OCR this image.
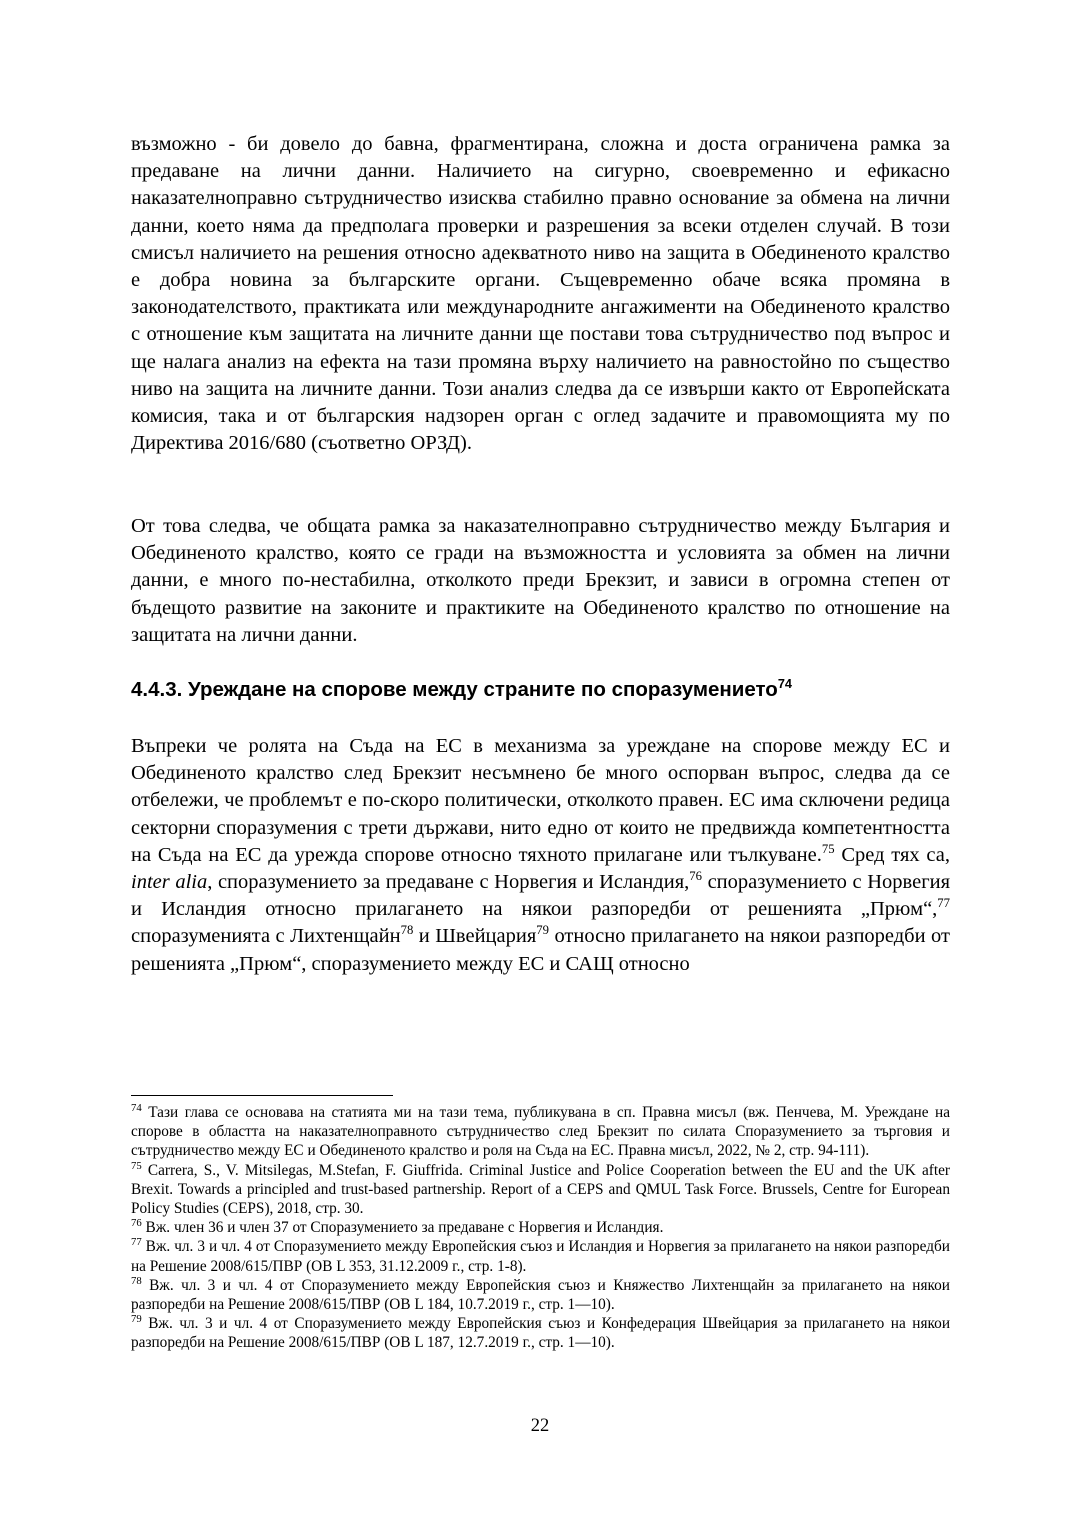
възможно - би довело до бавна, фрагментирана, сложна и доста ограничена рамка за предаване на лични данни. Наличието на сигурно, своевременно и ефикасно наказателноправно сътрудничество изисква стабилно правно основание за обмена на лични данни, което няма да предполага проверки и разрешения за всеки отделен случай. В този смисъл наличието на решения относно адекватното ниво на защита в Обединеното кралство е добра новина за българските органи. Същевременно обаче всяка промяна в законодателството, практиката или международните ангажименти на Обединеното кралство с отношение към защитата на личните данни ще постави това сътрудничество под въпрос и ще налага анализ на ефекта на тази промяна върху наличието на равностойно по същество ниво на защита на личните данни. Този анализ следва да се извърши както от Европейската комисия, така и от българския надзорен орган с оглед задачите и правомощията му по Директива 2016/680 (съответно ОРЗД).

От това следва, че общата рамка за наказателноправно сътрудничество между България и Обединеното кралство, която се гради на възможността и условията за обмен на лични данни, е много по-нестабилна, отколкото преди Брекзит, и зависи в огромна степен от бъдещото развитие на законите и практиките на Обединеното кралство по отношение на защитата на лични данни.

4.4.3. Уреждане на спорове между страните по споразумението$^{74}$

Въпреки че ролята на Съда на ЕС в механизма за уреждане на спорове между ЕС и Обединеното кралство след Брекзит несъмнено бе много оспорван въпрос, следва да се отбележи, че проблемът е по-скоро политически, отколкото правен. ЕС има сключени редица секторни споразумения с трети държави, нито едно от които не предвижда компетентността на Съда на ЕС да урежда спорове относно тяхното прилагане или тълкуване.$^{75}$ Сред тях са, inter alia, споразумението за предаване с Норвегия и Исландия,$^{76}$ споразумението с Норвегия и Исландия относно прилагането на някои разпоредби от решенията „Прюм“,$^{77}$ споразуменията с Лихтенщайн$^{78}$ и Швейцария$^{79}$ относно прилагането на някои разпоредби от решенията „Прюм“, споразумението между ЕС и САЩ относно

$^{74}$ Тази глава се основава на статията ми на тази тема, публикувана в сп. Правна мисъл (вж. Пенчева, М. Уреждане на спорове в областта на наказателноправното сътрудничество след Брекзит по силата Споразумението за търговия и сътрудничество между ЕС и Обединеното кралство и роля на Съда на ЕС. Правна мисъл, 2022, № 2, стр. 94-111).

$^{75}$ Carrera, S., V. Mitsilegas, M.Stefan, F. Giuffrida. Criminal Justice and Police Cooperation between the EU and the UK after Brexit. Towards a principled and trust-based partnership. Report of a CEPS and QMUL Task Force. Brussels, Centre for European Policy Studies (CEPS), 2018, стр. 30.

$^{76}$ Вж. член 36 и член 37 от Споразумението за предаване с Норвегия и Исландия.

$^{77}$ Вж. чл. 3 и чл. 4 от Споразумението между Европейския съюз и Исландия и Норвегия за прилагането на някои разпоредби на Решение 2008/615/ПВР (ОВ L 353, 31.12.2009 г., стр. 1-8).

$^{78}$ Вж. чл. 3 и чл. 4 от Споразумението между Европейския съюз и Княжество Лихтенщайн за прилагането на някои разпоредби на Решение 2008/615/ПВР (ОВ L 184, 10.7.2019 г., стр. 1—10).

$^{79}$ Вж. чл. 3 и чл. 4 от Споразумението между Европейския съюз и Конфедерация Швейцария за прилагането на някои разпоредби на Решение 2008/615/ПВР (ОВ L 187, 12.7.2019 г., стр. 1—10).

22
